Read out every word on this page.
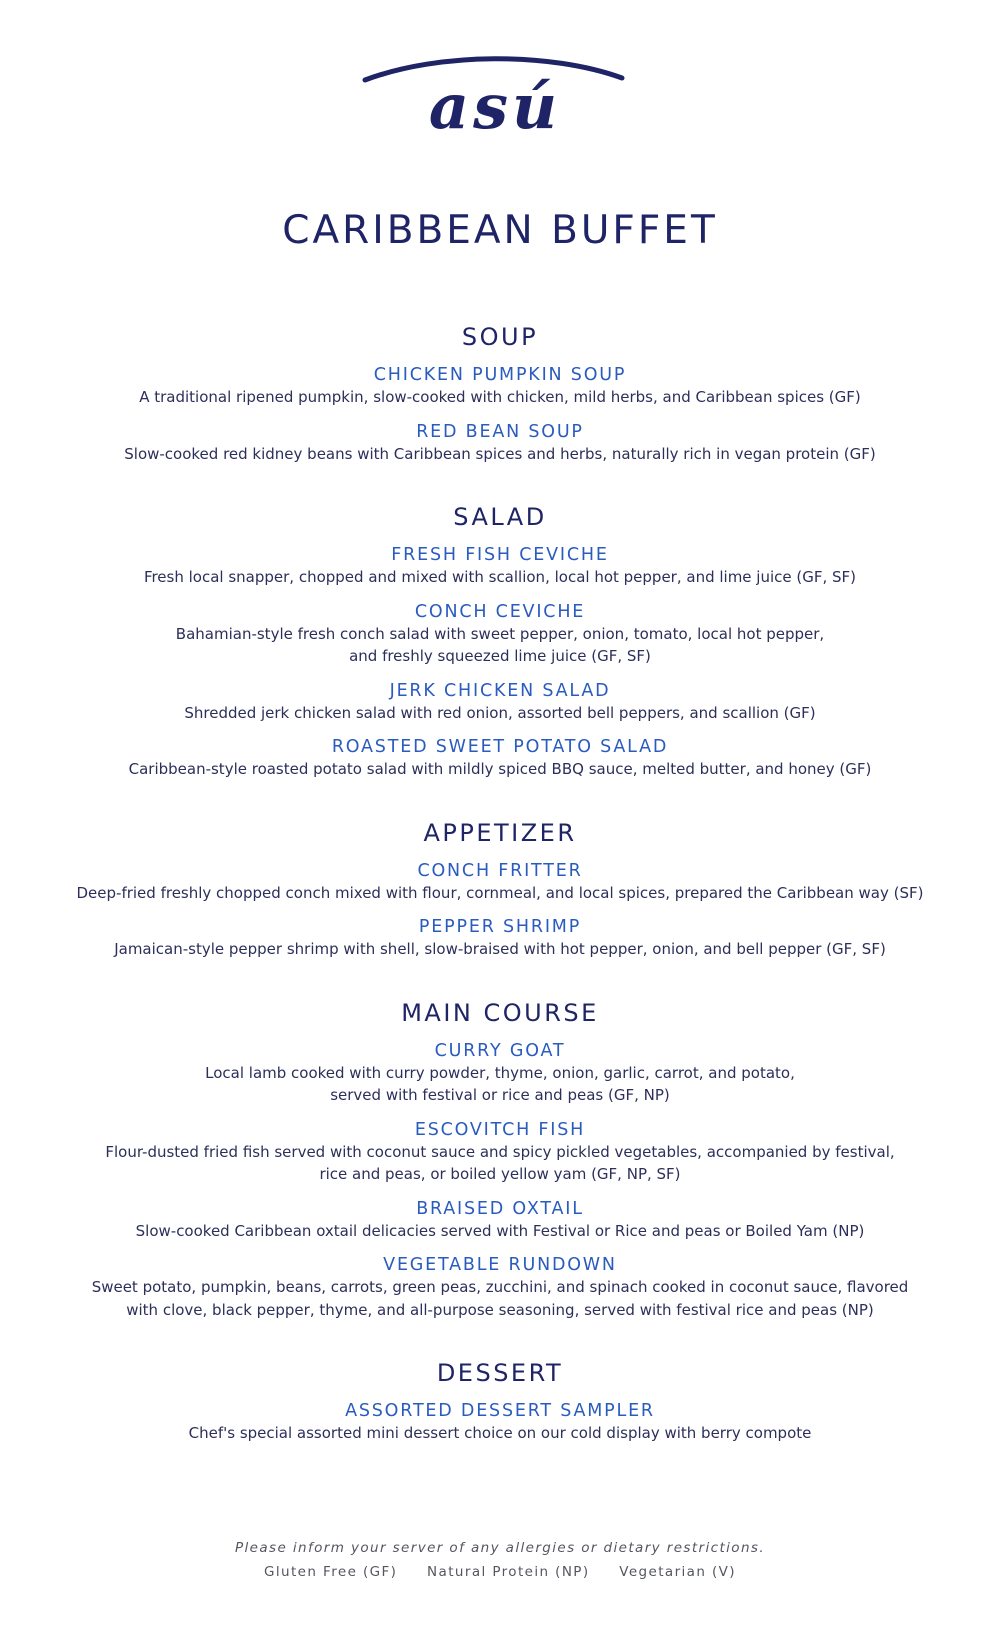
asú
CARIBBEAN BUFFET
SOUP
CHICKEN PUMPKIN SOUP
A traditional ripened pumpkin, slow-cooked with chicken, mild herbs, and Caribbean spices (GF)
RED BEAN SOUP
Slow-cooked red kidney beans with Caribbean spices and herbs, naturally rich in vegan protein (GF)
SALAD
FRESH FISH CEVICHE
Fresh local snapper, chopped and mixed with scallion, local hot pepper, and lime juice (GF, SF)
CONCH CEVICHE
Bahamian-style fresh conch salad with sweet pepper, onion, tomato, local hot pepper,
and freshly squeezed lime juice (GF, SF)
JERK CHICKEN SALAD
Shredded jerk chicken salad with red onion, assorted bell peppers, and scallion (GF)
ROASTED SWEET POTATO SALAD
Caribbean-style roasted potato salad with mildly spiced BBQ sauce, melted butter, and honey (GF)
APPETIZER
CONCH FRITTER
Deep-fried freshly chopped conch mixed with flour, cornmeal, and local spices, prepared the Caribbean way (SF)
PEPPER SHRIMP
Jamaican-style pepper shrimp with shell, slow-braised with hot pepper, onion, and bell pepper (GF, SF)
MAIN COURSE
CURRY GOAT
Local lamb cooked with curry powder, thyme, onion, garlic, carrot, and potato,
served with festival or rice and peas (GF, NP)
ESCOVITCH FISH
Flour-dusted fried fish served with coconut sauce and spicy pickled vegetables, accompanied by festival,
rice and peas, or boiled yellow yam (GF, NP, SF)
BRAISED OXTAIL
Slow-cooked Caribbean oxtail delicacies served with Festival or Rice and peas or Boiled Yam (NP)
VEGETABLE RUNDOWN
Sweet potato, pumpkin, beans, carrots, green peas, zucchini, and spinach cooked in coconut sauce, flavored
with clove, black pepper, thyme, and all-purpose seasoning, served with festival rice and peas (NP)
DESSERT
ASSORTED DESSERT SAMPLER
Chef's special assorted mini dessert choice on our cold display with berry compote
Please inform your server of any allergies or dietary restrictions.
Gluten Free (GF) Natural Protein (NP) Vegetarian (V)
